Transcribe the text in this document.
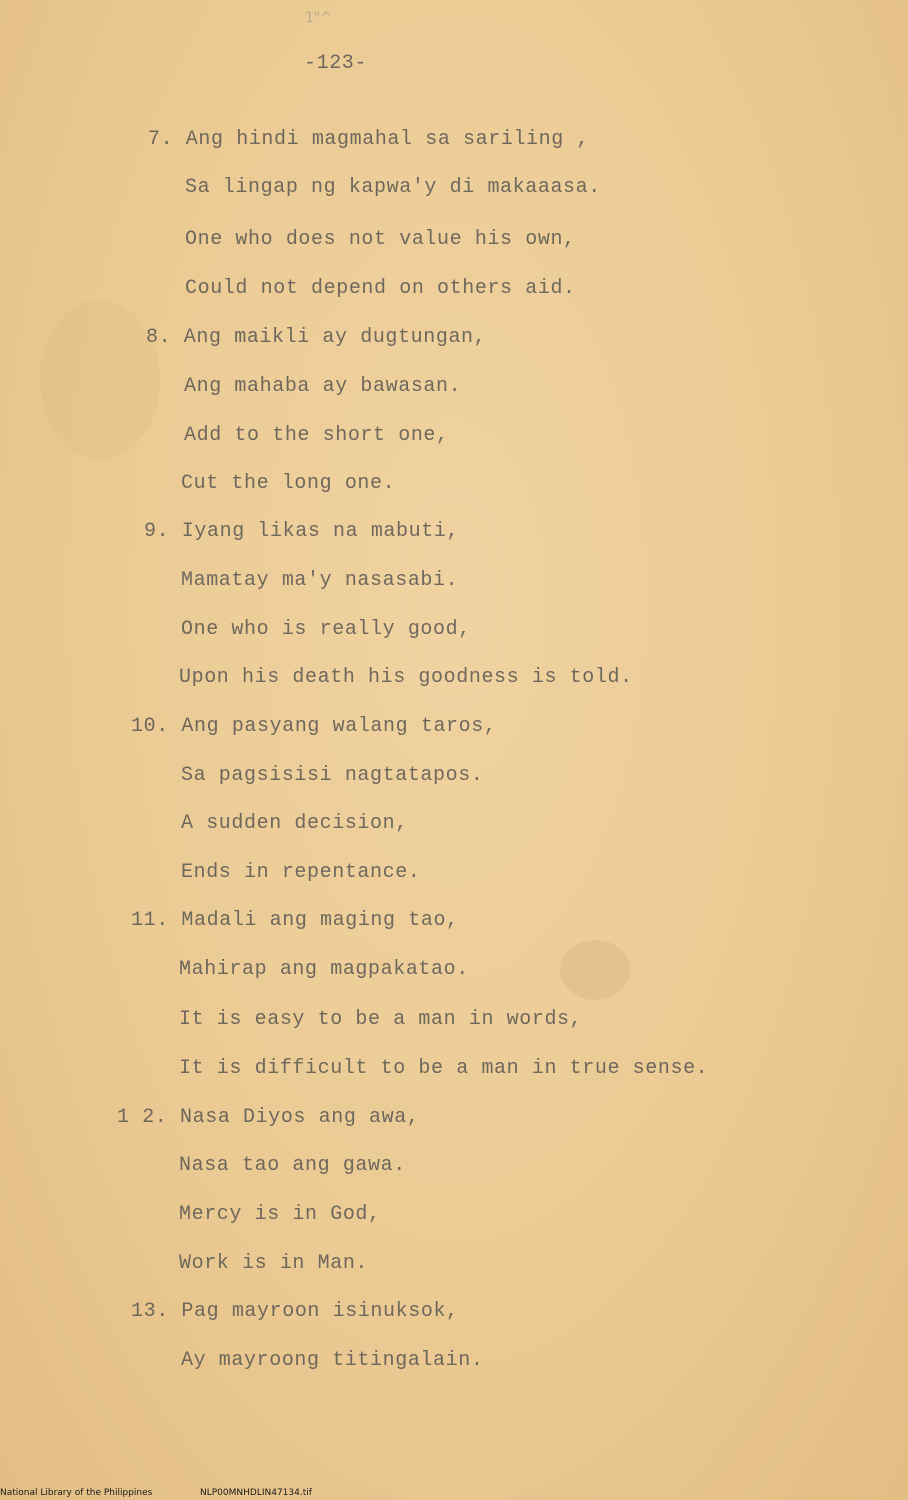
1"^
-123-
7. Ang hindi magmahal sa sariling ,
Sa lingap ng kapwa'y di makaaasa.
One who does not value his own,
Could not depend on others aid.
8. Ang maikli ay dugtungan,
Ang mahaba ay bawasan.
Add to the short one,
Cut the long one.
9. Iyang likas na mabuti,
Mamatay ma'y nasasabi.
One who is really good,
Upon his death his goodness is told.
10. Ang pasyang walang taros,
Sa pagsisisi nagtatapos.
A sudden decision,
Ends in repentance.
11. Madali ang maging tao,
Mahirap ang magpakatao.
It is easy to be a man in words,
It is difficult to be a man in true sense.
1 2. Nasa Diyos ang awa,
Nasa tao ang gawa.
Mercy is in God,
Work is in Man.
13. Pag mayroon isinuksok,
Ay mayroong titingalain.
National Library of the Philippines	NLP00MNHDLIN47134.tif
